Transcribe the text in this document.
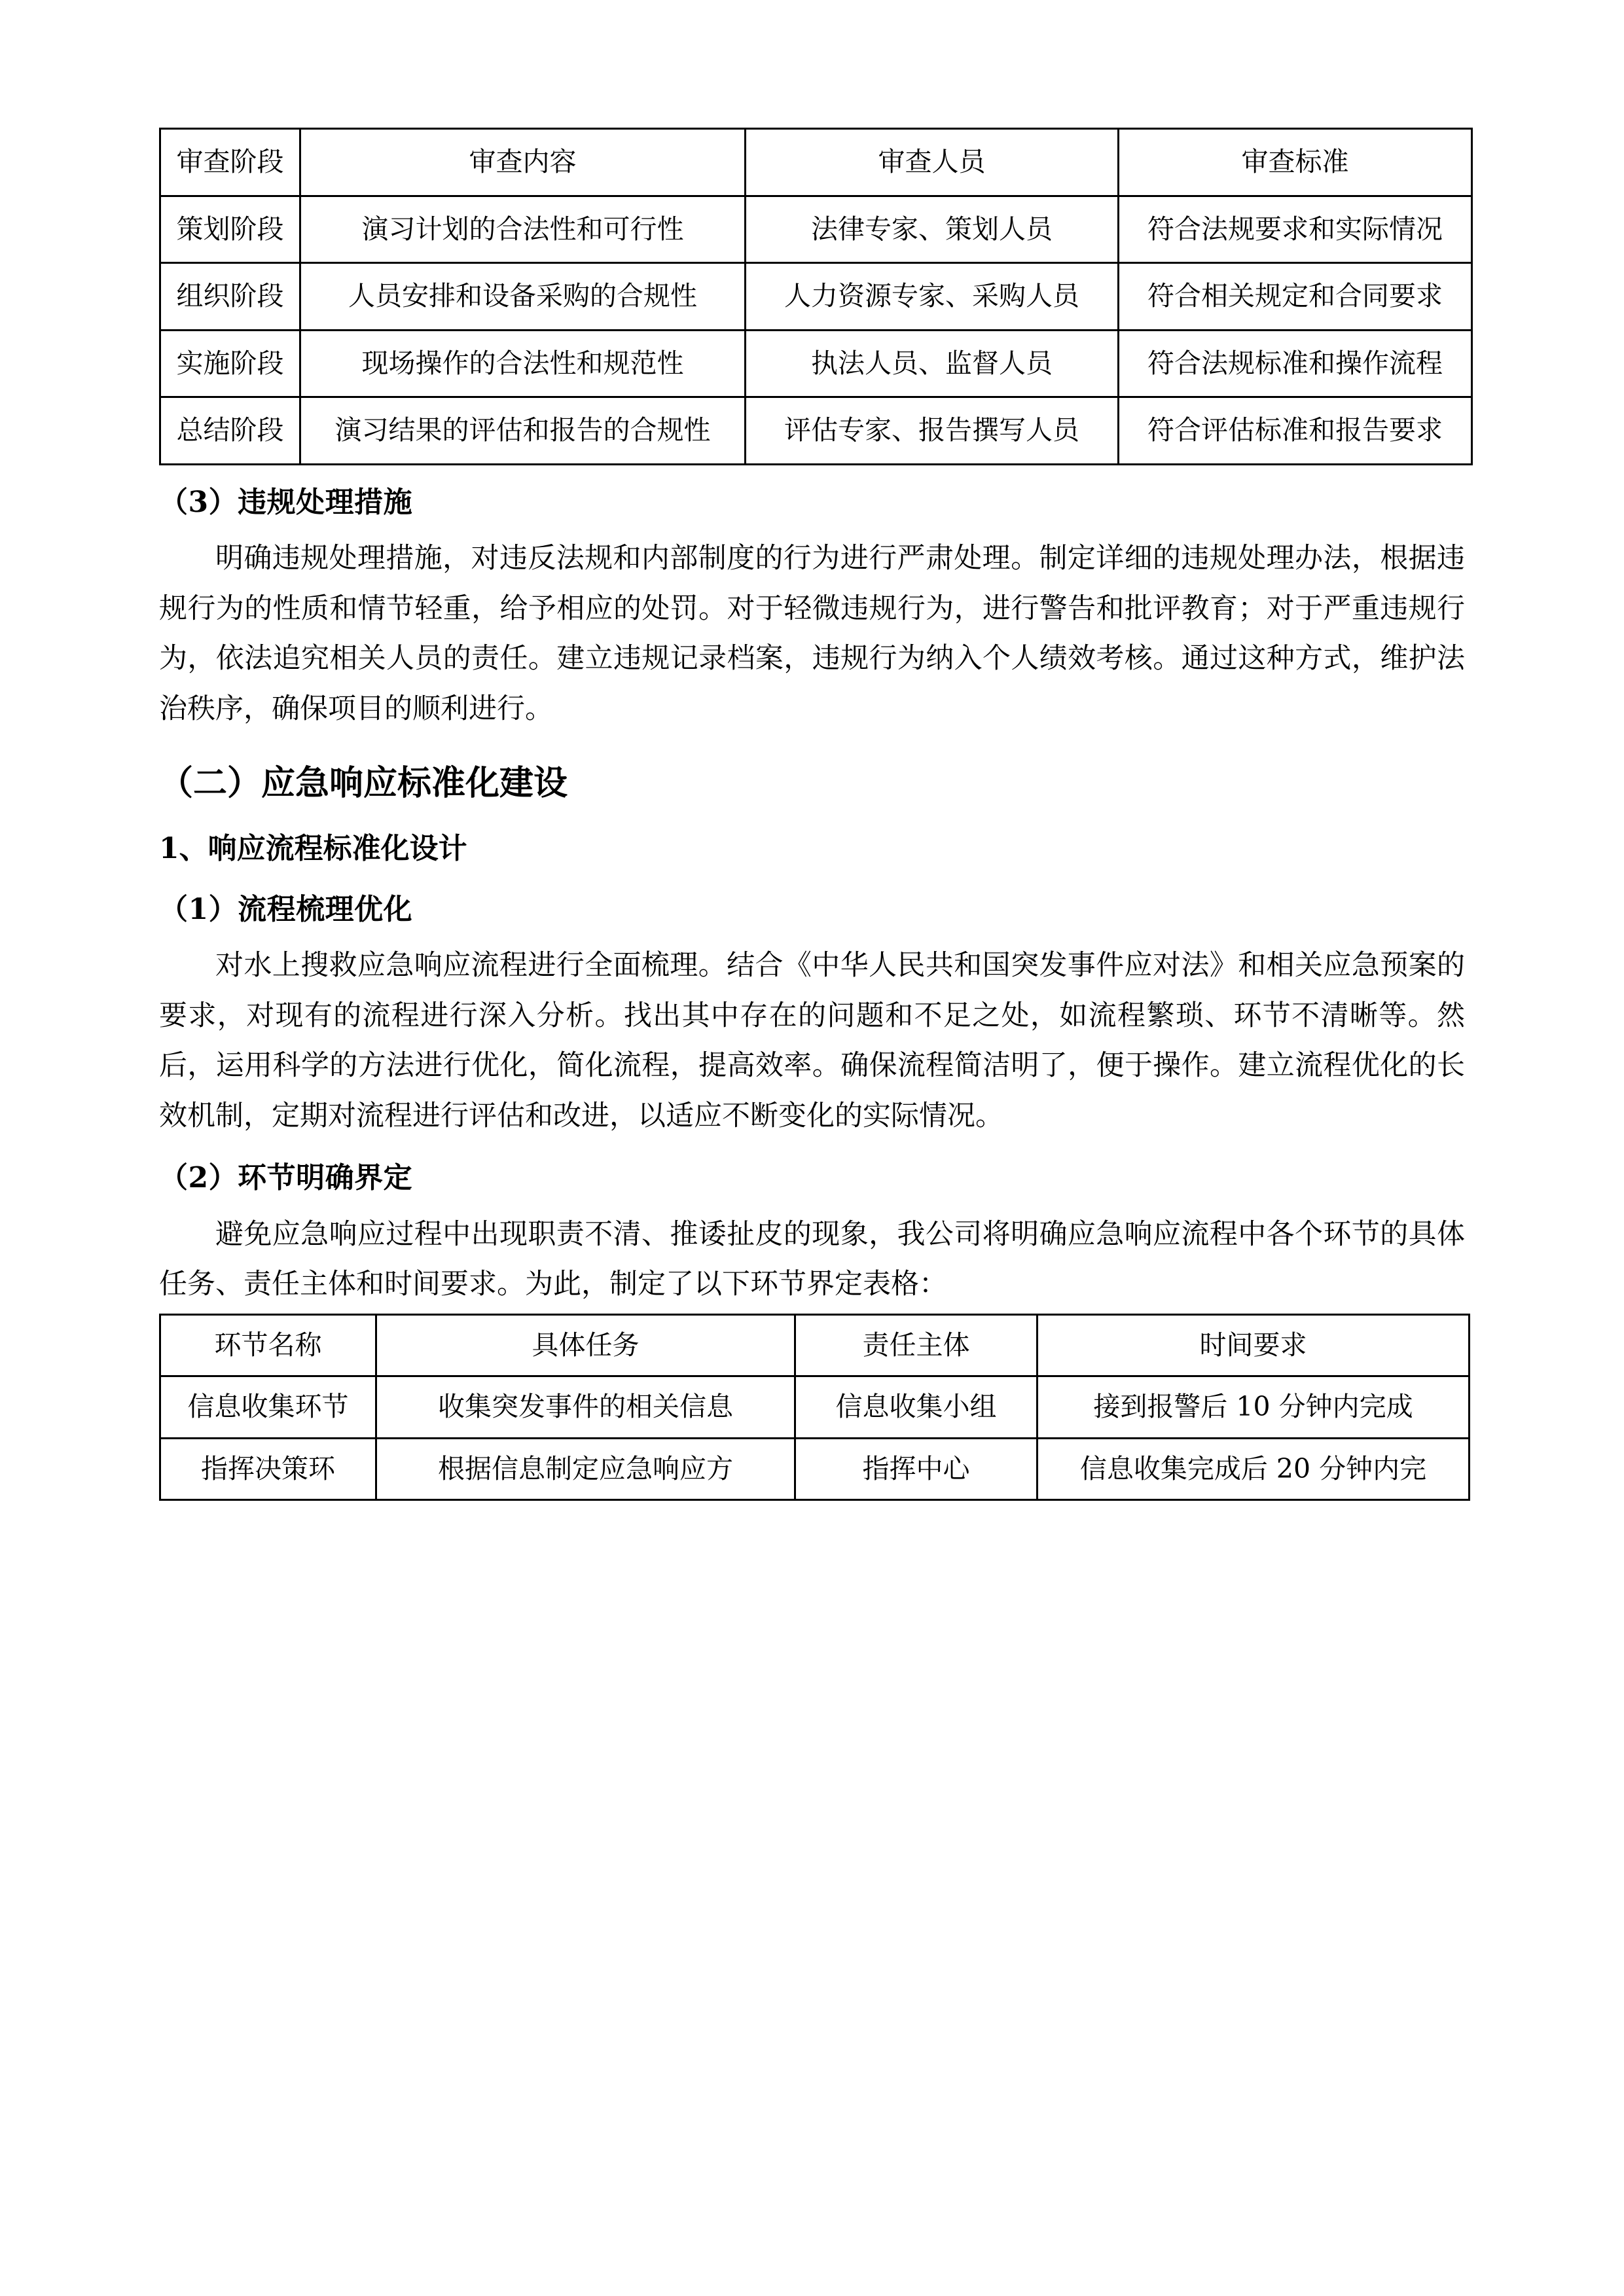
审查阶段	审查内容	审查人员	审查标准
策划阶段	演习计划的合法性和可行性	法律专家、策划人员	符合法规要求和实际情况
组织阶段	人员安排和设备采购的合规性	人力资源专家、采购人员	符合相关规定和合同要求
实施阶段	现场操作的合法性和规范性	执法人员、监督人员	符合法规标准和操作流程
总结阶段	演习结果的评估和报告的合规性	评估专家、报告撰写人员	符合评估标准和报告要求
（3）违规处理措施

明确违规处理措施，对违反法规和内部制度的行为进行严肃处理。制定详细的违规处理办法，根据违规行为的性质和情节轻重，给予相应的处罚。对于轻微违规行为，进行警告和批评教育；对于严重违规行为，依法追究相关人员的责任。建立违规记录档案，违规行为纳入个人绩效考核。通过这种方式，维护法治秩序，确保项目的顺利进行。

（二）应急响应标准化建设
1、响应流程标准化设计
（1）流程梳理优化

对水上搜救应急响应流程进行全面梳理。结合《中华人民共和国突发事件应对法》和相关应急预案的要求，对现有的流程进行深入分析。找出其中存在的问题和不足之处，如流程繁琐、环节不清晰等。然后，运用科学的方法进行优化，简化流程，提高效率。确保流程简洁明了，便于操作。建立流程优化的长效机制，定期对流程进行评估和改进，以适应不断变化的实际情况。

（2）环节明确界定

避免应急响应过程中出现职责不清、推诿扯皮的现象，我公司将明确应急响应流程中各个环节的具体任务、责任主体和时间要求。为此，制定了以下环节界定表格：

环节名称	具体任务	责任主体	时间要求
信息收集环节	收集突发事件的相关信息	信息收集小组	接到报警后 10 分钟内完成
指挥决策环	根据信息制定应急响应方	指挥中心	信息收集完成后 20 分钟内完
